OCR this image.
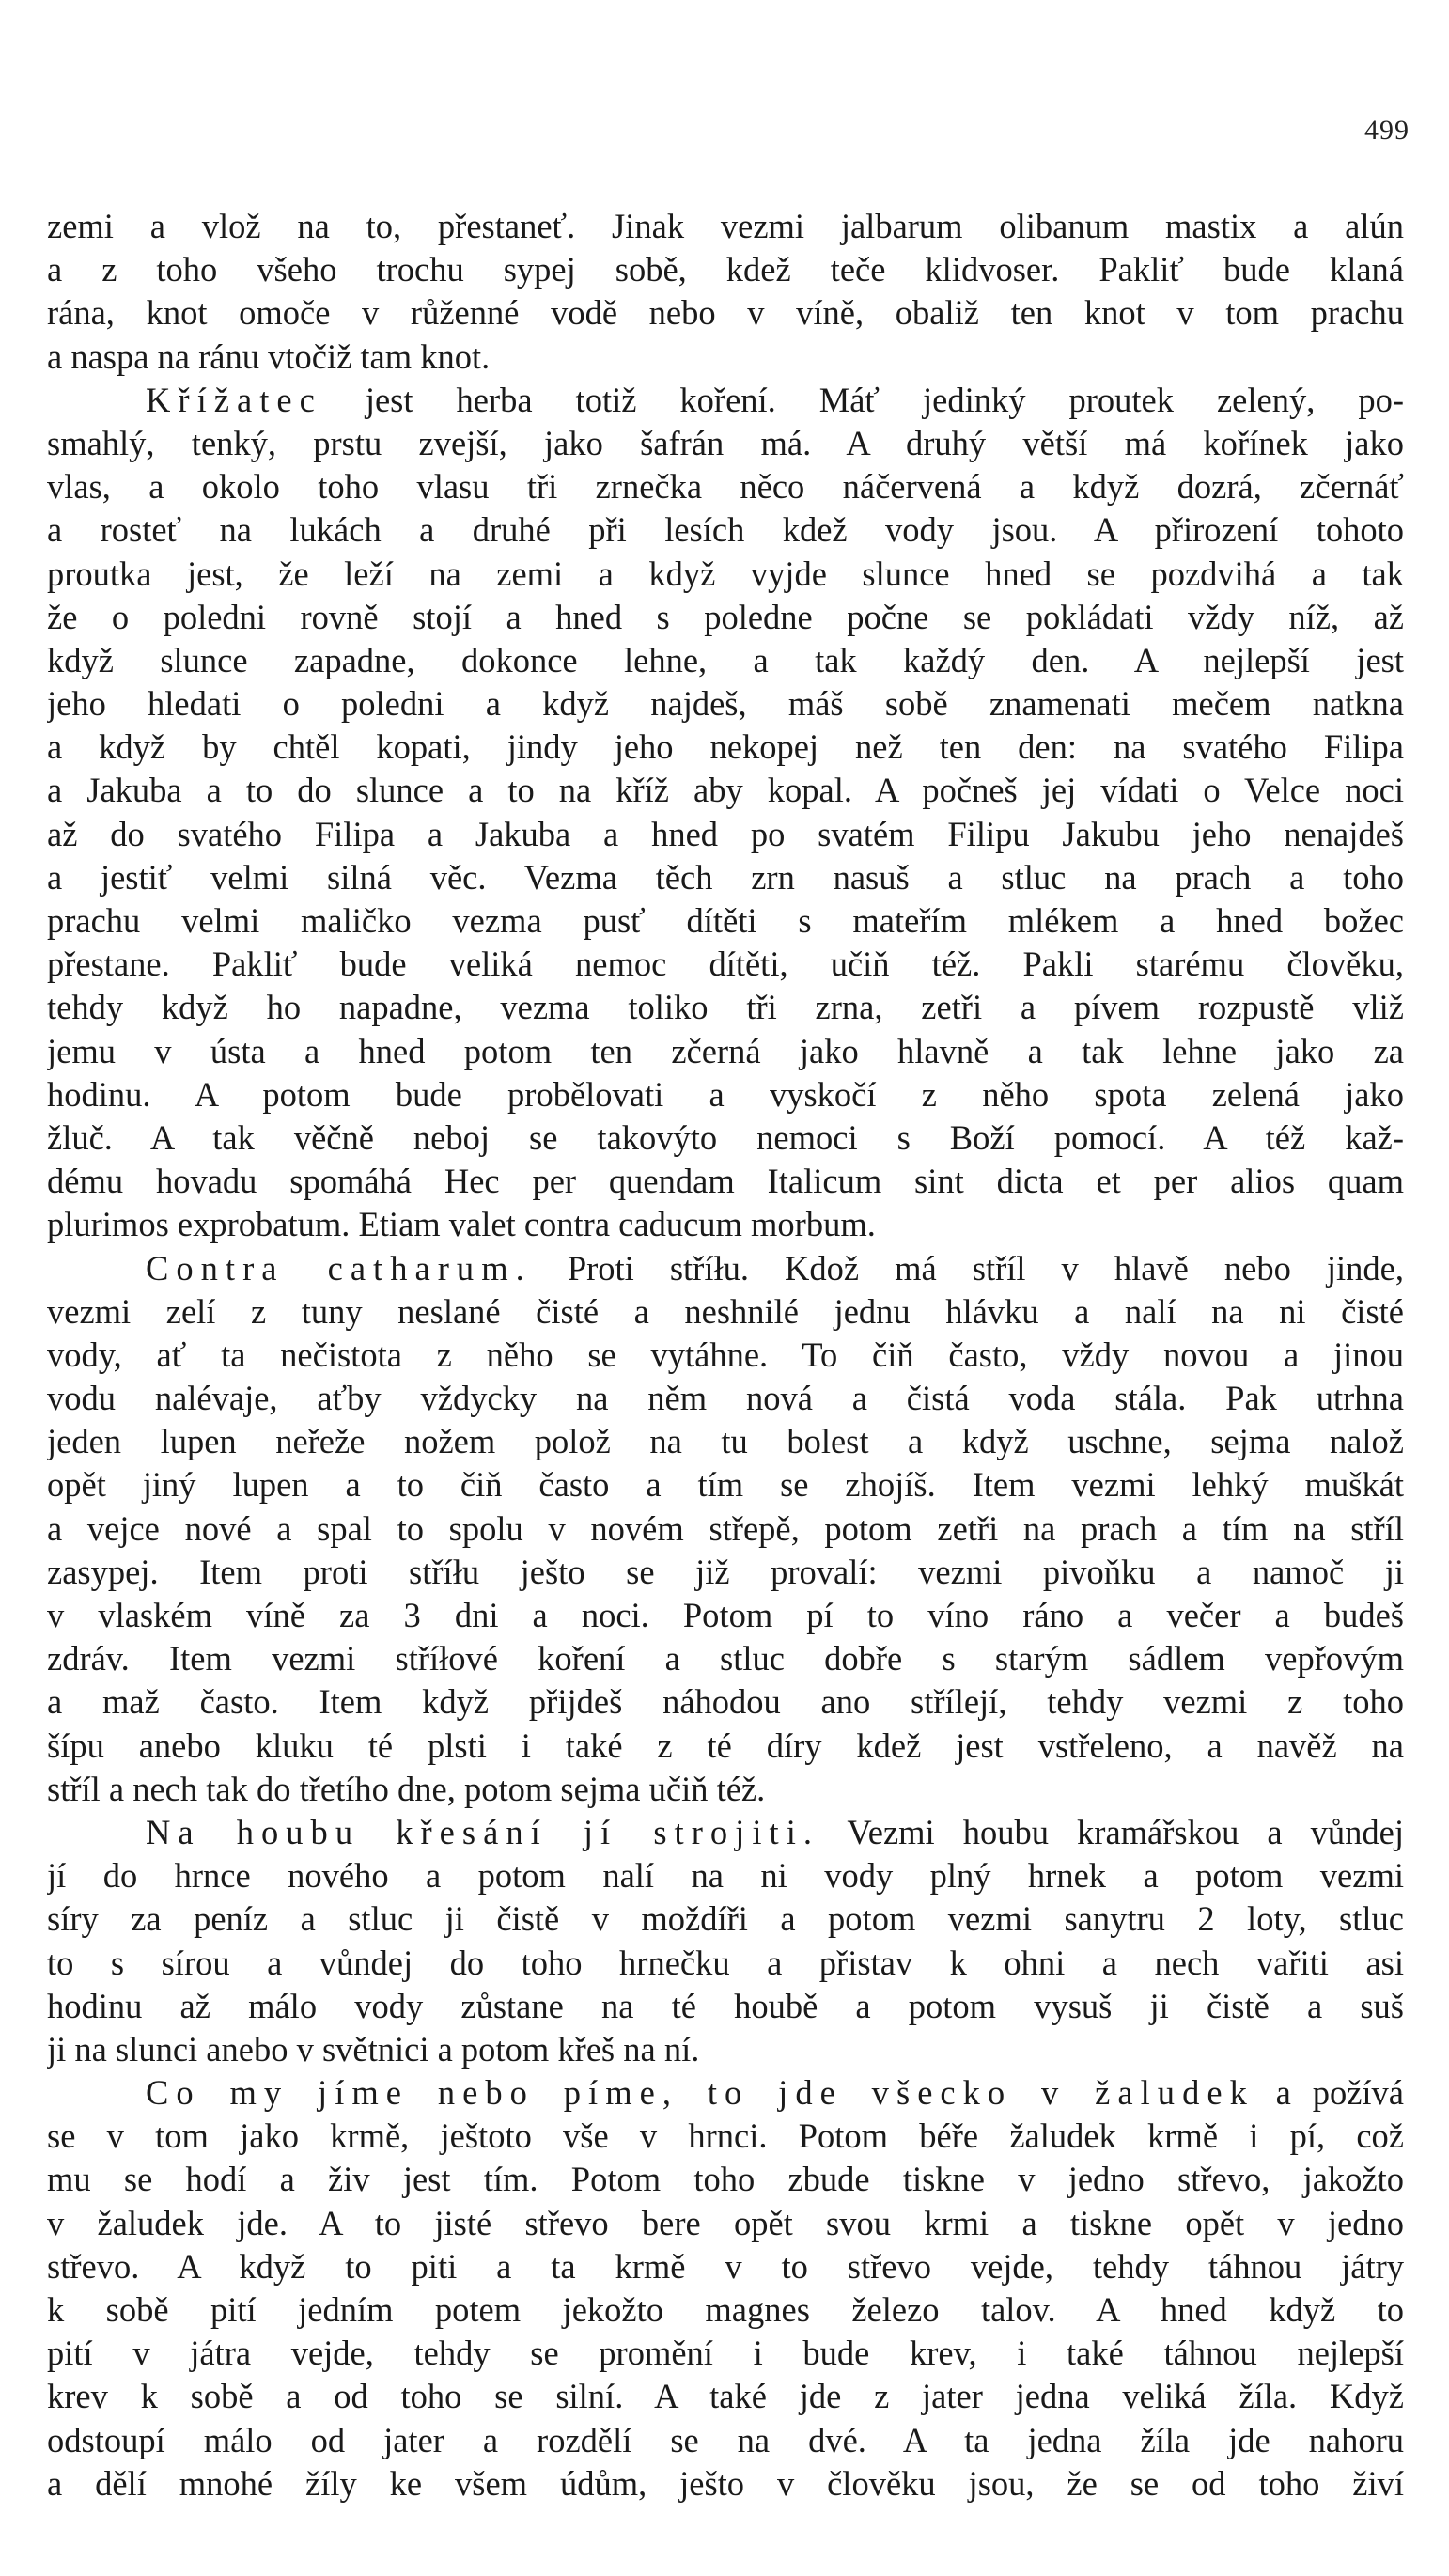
499
zemi a vlož na to, přestaneť. Jinak vezmi jalbarum olibanum mastix a alún
a z toho všeho trochu sypej sobě, kdež teče klidvoser. Pakliť bude klaná
rána, knot omoče v růženné vodě nebo v víně, obaliž ten knot v tom prachu
a naspa na ránu vtočiž tam knot.
Křížatec jest herba totiž koření. Máť jedinký proutek zelený, po-
smahlý, tenký, prstu zvejší, jako šafrán má. A druhý větší má kořínek jako
vlas, a okolo toho vlasu tři zrnečka něco náčervená a když dozrá, zčernáť
a rosteť na lukách a druhé při lesích kdež vody jsou. A přirození tohoto
proutka jest, že leží na zemi a když vyjde slunce hned se pozdvihá a tak
že o poledni rovně stojí a hned s poledne počne se pokládati vždy níž, až
když slunce zapadne, dokonce lehne, a tak každý den. A nejlepší jest
jeho hledati o poledni a když najdeš, máš sobě znamenati mečem natkna
a když by chtěl kopati, jindy jeho nekopej než ten den: na svatého Filipa
a Jakuba a to do slunce a to na kříž aby kopal. A počneš jej vídati o Velce noci
až do svatého Filipa a Jakuba a hned po svatém Filipu Jakubu jeho nenajdeš
a jestiť velmi silná věc. Vezma těch zrn nasuš a stluc na prach a toho
prachu velmi maličko vezma pusť dítěti s mateřím mlékem a hned božec
přestane. Pakliť bude veliká nemoc dítěti, učiň též. Pakli starému člověku,
tehdy když ho napadne, vezma toliko tři zrna, zetři a pívem rozpustě vliž
jemu v ústa a hned potom ten zčerná jako hlavně a tak lehne jako za
hodinu. A potom bude probělovati a vyskočí z něho spota zelená jako
žluč. A tak věčně neboj se takovýto nemoci s Boží pomocí. A též kaž-
dému hovadu spomáhá Hec per quendam Italicum sint dicta et per alios quam
plurimos exprobatum. Etiam valet contra caducum morbum.
Contra catharum. Proti stříłu. Kdož má stříl v hlavě nebo jinde,
vezmi zelí z tuny neslané čisté a neshnilé jednu hlávku a nalí na ni čisté
vody, ať ta nečistota z něho se vytáhne. To čiň často, vždy novou a jinou
vodu nalévaje, aťby vždycky na něm nová a čistá voda stála. Pak utrhna
jeden lupen neřeže nožem polož na tu bolest a když uschne, sejma nalož
opět jiný lupen a to čiň často a tím se zhojíš. Item vezmi lehký muškát
a vejce nové a spal to spolu v novém střepě, potom zetři na prach a tím na stříl
zasypej. Item proti stříłu ješto se již provalí: vezmi pivoňku a namoč ji
v vlaském víně za 3 dni a noci. Potom pí to víno ráno a večer a budeš
zdráv. Item vezmi stříłové koření a stluc dobře s starým sádlem vepřovým
a maž často. Item když přijdeš náhodou ano střílejí, tehdy vezmi z toho
šípu anebo kluku té plsti i také z té díry kdež jest vstřeleno, a navěž na
stříl a nech tak do třetího dne, potom sejma učiň též.
Na houbu křesání jí strojiti. Vezmi houbu kramářskou a vůndej
jí do hrnce nového a potom nalí na ni vody plný hrnek a potom vezmi
síry za peníz a stluc ji čistě v moždíři a potom vezmi sanytru 2 loty, stluc
to s sírou a vůndej do toho hrnečku a přistav k ohni a nech vařiti asi
hodinu až málo vody zůstane na té houbě a potom vysuš ji čistě a suš
ji na slunci anebo v světnici a potom křeš na ní.
Co my jíme nebo píme, to jde všecko v žaludek a požívá
se v tom jako krmě, ještoto vše v hrnci. Potom béře žaludek krmě i pí, což
mu se hodí a živ jest tím. Potom toho zbude tiskne v jedno střevo, jakožto
v žaludek jde. A to jisté střevo bere opět svou krmi a tiskne opět v jedno
střevo. A když to piti a ta krmě v to střevo vejde, tehdy táhnou játry
k sobě pití jedním potem jekožto magnes železo talov. A hned když to
pití v játra vejde, tehdy se promění i bude krev, i také táhnou nejlepší
krev k sobě a od toho se silní. A také jde z jater jedna veliká žíla. Když
odstoupí málo od jater a rozdělí se na dvé. A ta jedna žíla jde nahoru
a dělí mnohé žíly ke všem údům, ješto v člověku jsou, že se od toho živí
